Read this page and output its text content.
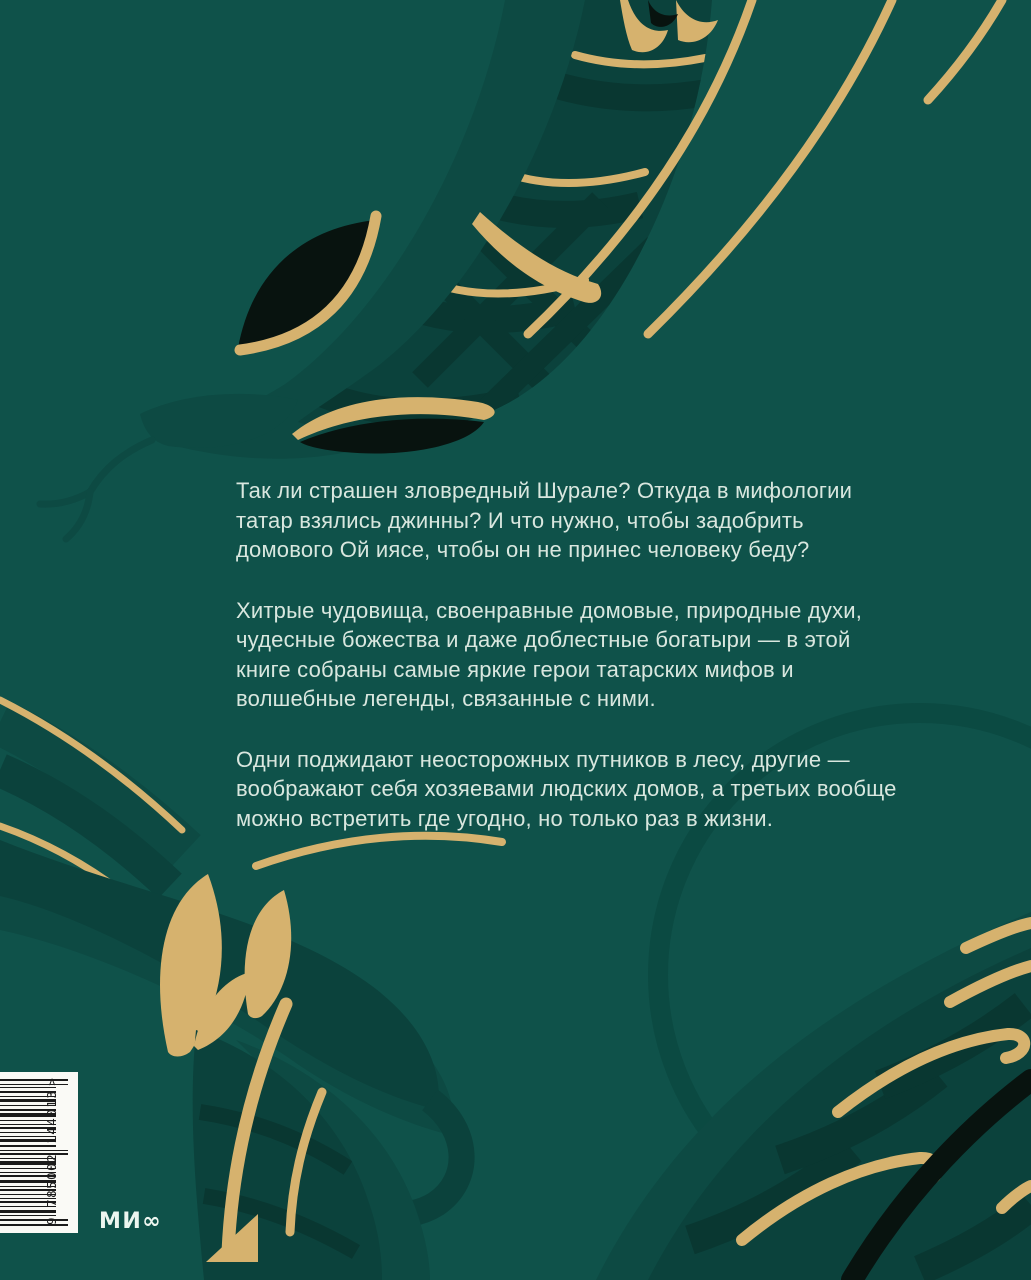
Так ли страшен зловредный Шурале? Откуда в мифологии татар взялись джинны? И что нужно, чтобы задобрить домового Ой иясе, чтобы он не принес человеку беду?

Хитрые чудовища, своенравные домовые, природные духи, чудесные божества и даже доблестные богатыри — в этой книге собраны самые яркие герои татарских мифов и волшебные легенды, связанные с ними.

Одни поджидают неосторожных путников в лесу, другие — воображают себя хозяевами людских домов, а третьих вообще можно встретить где угодно, но только раз в жизни.

9 785002 144013>
МИ∞
